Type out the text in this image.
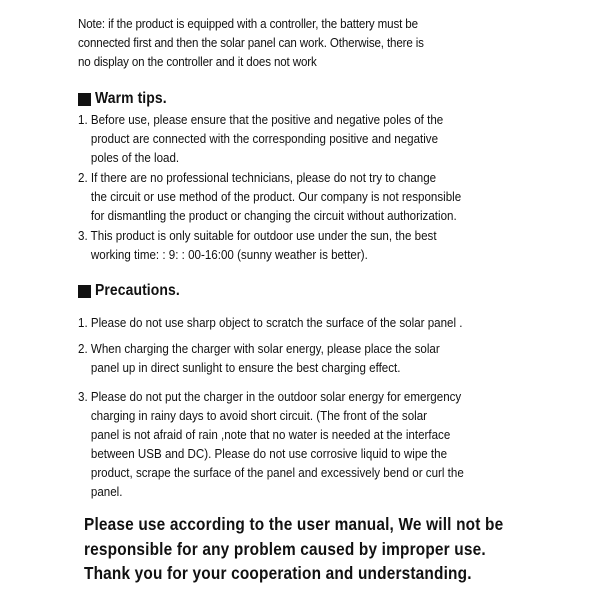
Note: if the product is equipped with a controller, the battery must be
connected first and then the solar panel can work. Otherwise, there is
no display on the controller and it does not work

Warm tips.

1. Before use, please ensure that the positive and negative poles of the
product are connected with the corresponding positive and negative
poles of the load.

2. If there are no professional technicians, please do not try to change
the circuit or use method of the product. Our company is not responsible
for dismantling the product or changing the circuit without authorization.

3. This product is only suitable for outdoor use under the sun, the best
working time: : 9: : 00-16:00 (sunny weather is better).

Precautions.

1. Please do not use sharp object to scratch the surface of the solar panel .

2. When charging the charger with solar energy, please place the solar
panel up in direct sunlight to ensure the best charging effect.

3. Please do not put the charger in the outdoor solar energy for emergency
charging in rainy days to avoid short circuit. (The front of the solar
panel is not afraid of rain ,note that no water is needed at the interface
between USB and DC). Please do not use corrosive liquid to wipe the
product, scrape the surface of the panel and excessively bend or curl the
panel.

Please use according to the user manual, We will not be
responsible for any problem caused by improper use.
Thank you for your cooperation and understanding.
